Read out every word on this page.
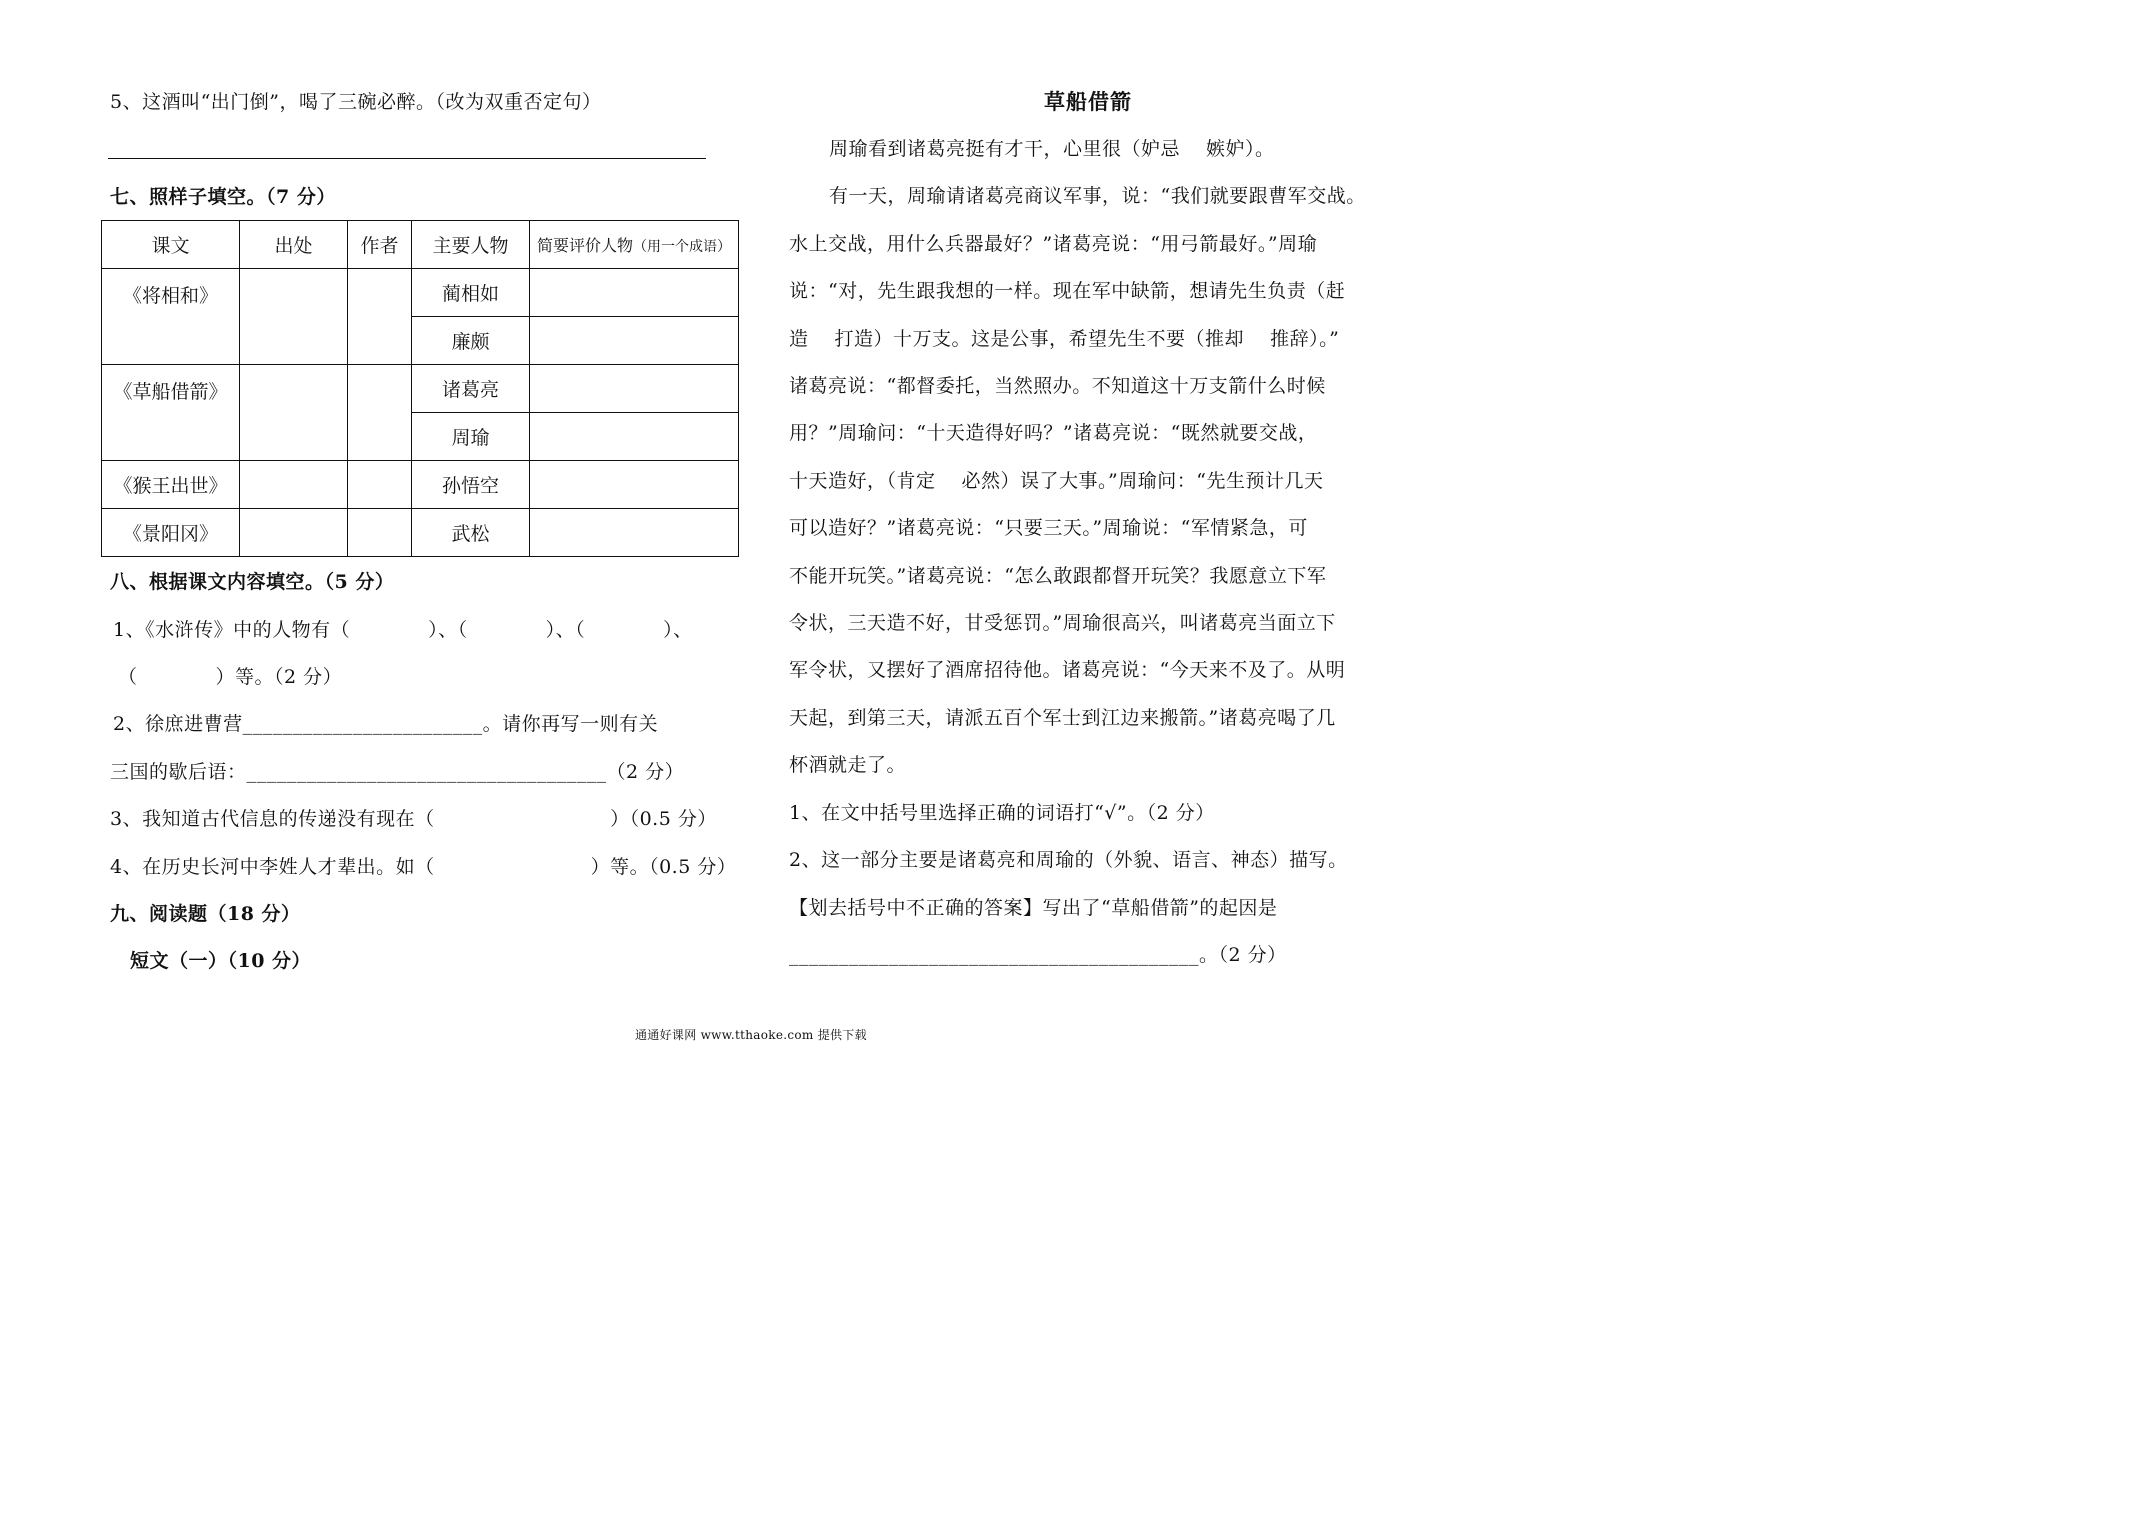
5、这酒叫“出门倒”，喝了三碗必醉。（改为双重否定句）
七、照样子填空。（7 分）
课文	出处	作者	主要人物	简要评价人物（用一个成语）
《将相和》			蔺相如	
			廉颇	
《草船借箭》			诸葛亮	
			周瑜	
《猴王出世》			孙悟空	
《景阳冈》			武松	
八、根据课文内容填空。（5 分）
1、《水浒传》中的人物有（　　　　）、（　　　　）、（　　　　）、
（　　　　）等。（2 分）
2、徐庶进曹营________________________。请你再写一则有关
三国的歇后语：____________________________________（2 分）
3、我知道古代信息的传递没有现在（　　　　　　　　　）（0.5 分）
4、在历史长河中李姓人才辈出。如（　　　　　　　　）等。（0.5 分）
九、阅读题（18 分）
短文（一）（10 分）
草船借箭
周瑜看到诸葛亮挺有才干，心里很（妒忌　 嫉妒）。
有一天，周瑜请诸葛亮商议军事，说：“我们就要跟曹军交战。
水上交战，用什么兵器最好？”诸葛亮说：“用弓箭最好。”周瑜
说：“对，先生跟我想的一样。现在军中缺箭，想请先生负责（赶
造　 打造）十万支。这是公事，希望先生不要（推却　 推辞）。”
诸葛亮说：“都督委托，当然照办。不知道这十万支箭什么时候
用？”周瑜问：“十天造得好吗？”诸葛亮说：“既然就要交战，
十天造好，（肯定　 必然）误了大事。”周瑜问：“先生预计几天
可以造好？”诸葛亮说：“只要三天。”周瑜说：“军情紧急，可
不能开玩笑。”诸葛亮说：“怎么敢跟都督开玩笑？我愿意立下军
令状，三天造不好，甘受惩罚。”周瑜很高兴，叫诸葛亮当面立下
军令状，又摆好了酒席招待他。诸葛亮说：“今天来不及了。从明
天起，到第三天，请派五百个军士到江边来搬箭。”诸葛亮喝了几
杯酒就走了。
1、在文中括号里选择正确的词语打“√”。（2 分）
2、这一部分主要是诸葛亮和周瑜的（外貌、语言、神态）描写。
【划去括号中不正确的答案】写出了“草船借箭”的起因是
_________________________________________。（2 分）
通通好课网 www.tthaoke.com 提供下载
